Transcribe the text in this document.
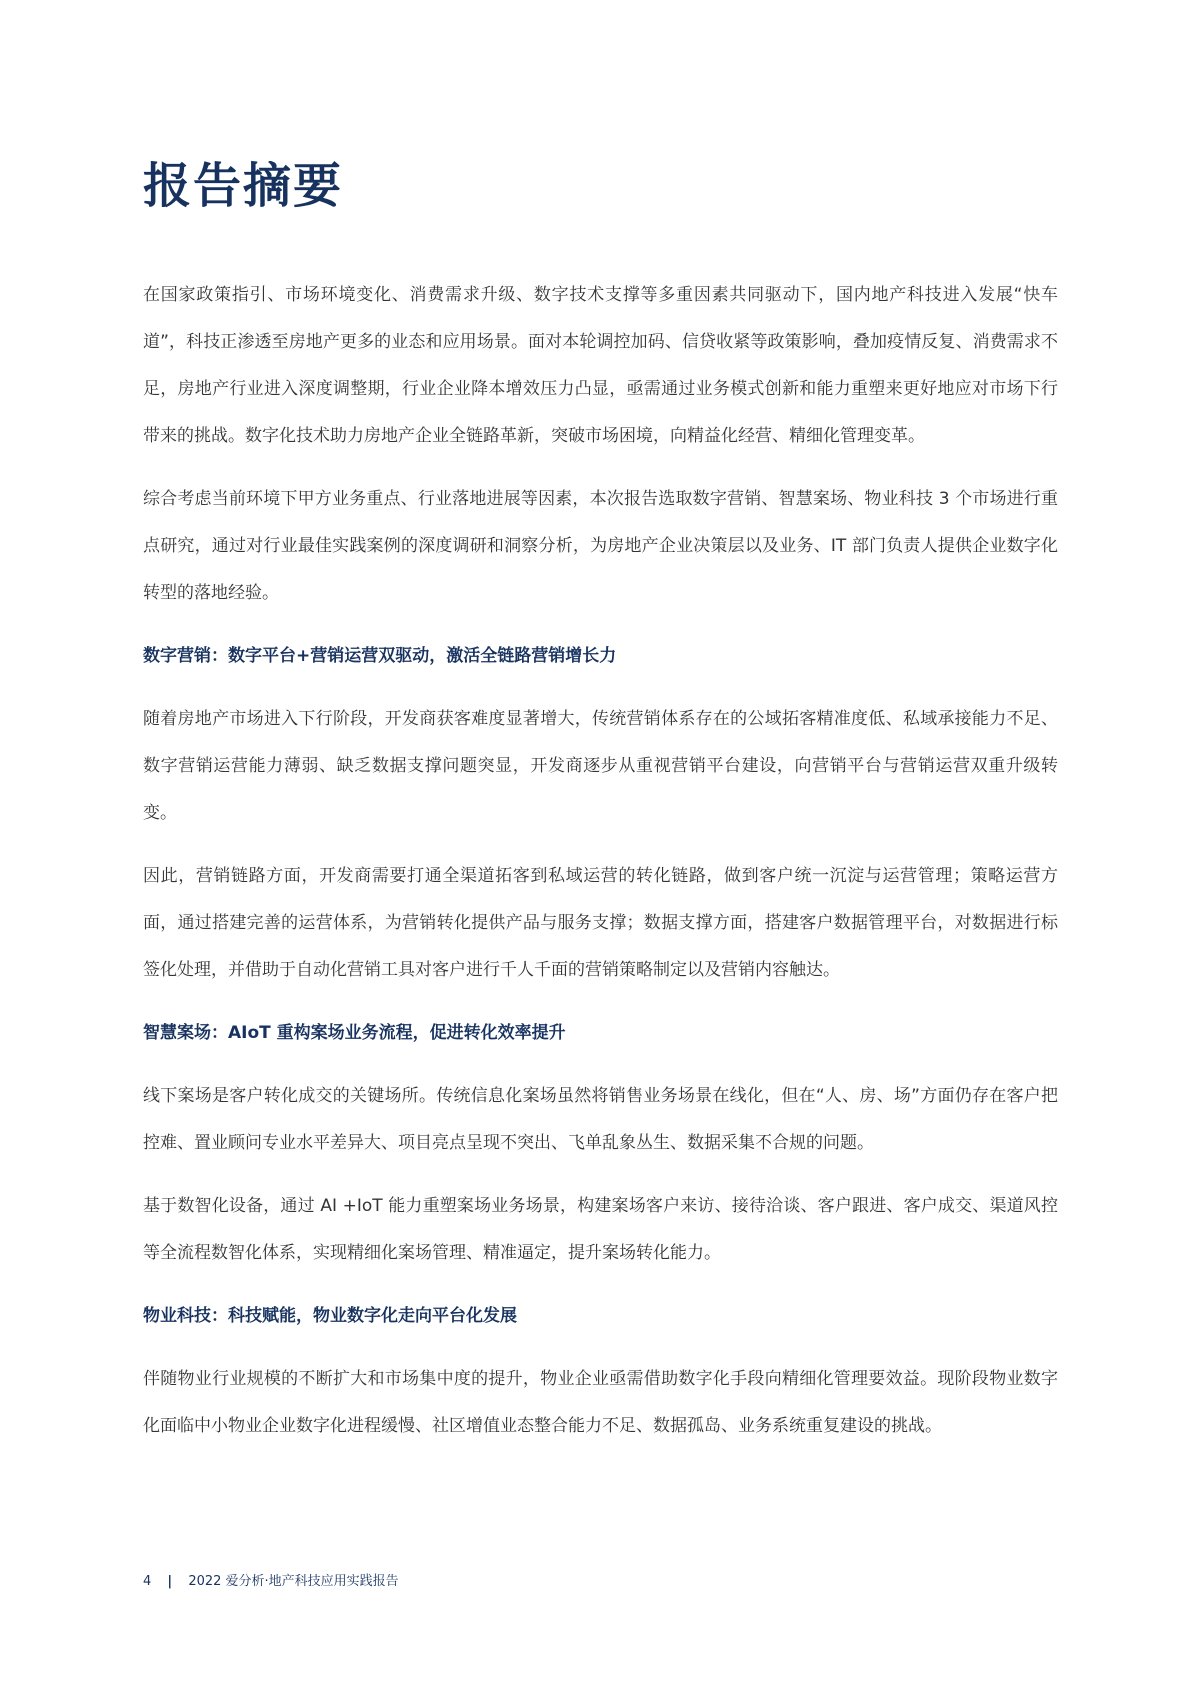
报告摘要

在国家政策指引、市场环境变化、消费需求升级、数字技术支撑等多重因素共同驱动下，国内地产科技进入发展“快车道”，科技正渗透至房地产更多的业态和应用场景。面对本轮调控加码、信贷收紧等政策影响，叠加疫情反复、消费需求不足，房地产行业进入深度调整期，行业企业降本增效压力凸显，亟需通过业务模式创新和能力重塑来更好地应对市场下行带来的挑战。数字化技术助力房地产企业全链路革新，突破市场困境，向精益化经营、精细化管理变革。

综合考虑当前环境下甲方业务重点、行业落地进展等因素，本次报告选取数字营销、智慧案场、物业科技 3 个市场进行重点研究，通过对行业最佳实践案例的深度调研和洞察分析，为房地产企业决策层以及业务、IT 部门负责人提供企业数字化转型的落地经验。

数字营销：数字平台+营销运营双驱动，激活全链路营销增长力

随着房地产市场进入下行阶段，开发商获客难度显著增大，传统营销体系存在的公域拓客精准度低、私域承接能力不足、数字营销运营能力薄弱、缺乏数据支撑问题突显，开发商逐步从重视营销平台建设，向营销平台与营销运营双重升级转变。

因此，营销链路方面，开发商需要打通全渠道拓客到私域运营的转化链路，做到客户统一沉淀与运营管理；策略运营方面，通过搭建完善的运营体系，为营销转化提供产品与服务支撑；数据支撑方面，搭建客户数据管理平台，对数据进行标签化处理，并借助于自动化营销工具对客户进行千人千面的营销策略制定以及营销内容触达。

智慧案场：AIoT 重构案场业务流程，促进转化效率提升

线下案场是客户转化成交的关键场所。传统信息化案场虽然将销售业务场景在线化，但在“人、房、场”方面仍存在客户把控难、置业顾问专业水平差异大、项目亮点呈现不突出、飞单乱象丛生、数据采集不合规的问题。

基于数智化设备，通过 AI +IoT 能力重塑案场业务场景，构建案场客户来访、接待洽谈、客户跟进、客户成交、渠道风控等全流程数智化体系，实现精细化案场管理、精准逼定，提升案场转化能力。

物业科技：科技赋能，物业数字化走向平台化发展

伴随物业行业规模的不断扩大和市场集中度的提升，物业企业亟需借助数字化手段向精细化管理要效益。现阶段物业数字化面临中小物业企业数字化进程缓慢、社区增值业态整合能力不足、数据孤岛、业务系统重复建设的挑战。

4 | 2022 爱分析·地产科技应用实践报告
